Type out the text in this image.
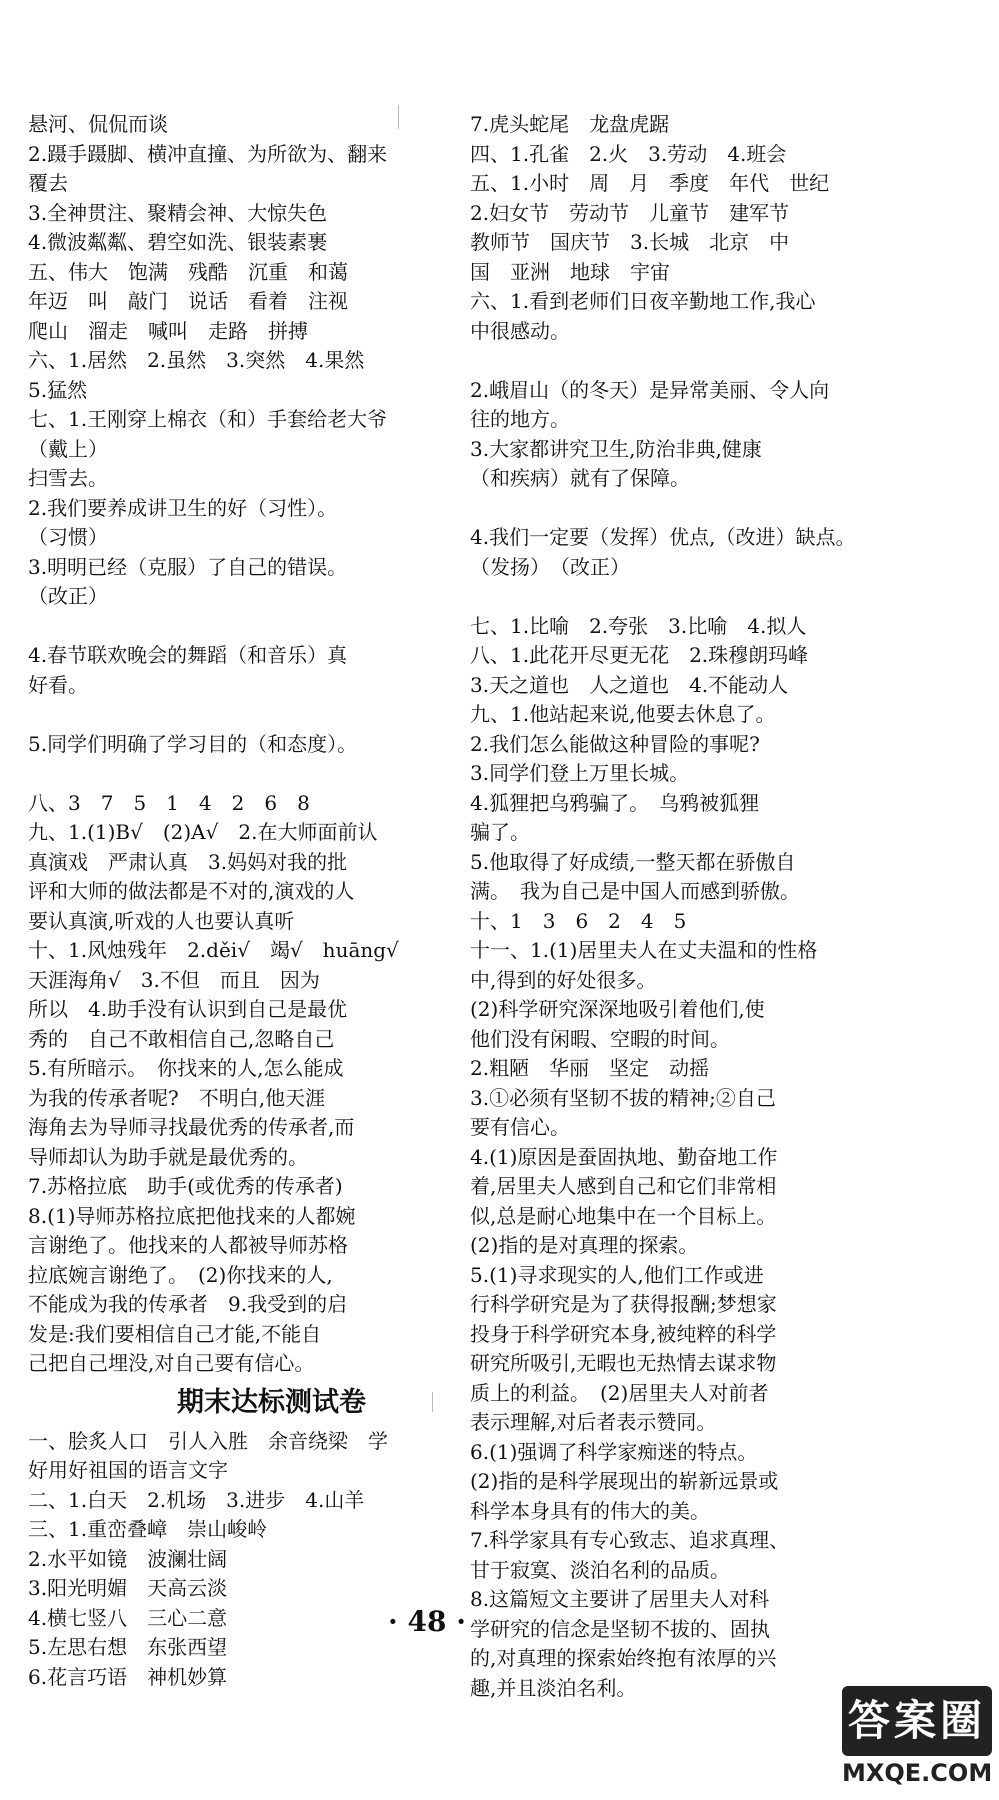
悬河、侃侃而谈
2.蹑手蹑脚、横冲直撞、为所欲为、翻来
覆去
3.全神贯注、聚精会神、大惊失色
4.微波粼粼、碧空如洗、银装素裹
五、伟大　饱满　残酷　沉重　和蔼
年迈　叫　敲门　说话　看着　注视
爬山　溜走　喊叫　走路　拼搏
六、1.居然　2.虽然　3.突然　4.果然
5.猛然
七、1.王刚穿上棉衣（和）手套给老大爷
（戴上）
扫雪去。
2.我们要养成讲卫生的好（习性）。
（习惯）
3.明明已经（克服）了自己的错误。
（改正）
4.春节联欢晚会的舞蹈（和音乐）真
好看。
5.同学们明确了学习目的（和态度）。
八、3　7　5　1　4　2　6　8
九、1.(1)B√　(2)A√　2.在大师面前认
真演戏　严肃认真　3.妈妈对我的批
评和大师的做法都是不对的,演戏的人
要认真演,听戏的人也要认真听
十、1.风烛残年　2.děi√　竭√　huāng√
天涯海角√　3.不但　而且　因为
所以　4.助手没有认识到自己是最优
秀的　自己不敢相信自己,忽略自己
5.有所暗示。　你找来的人,怎么能成
为我的传承者呢?　不明白,他天涯
海角去为导师寻找最优秀的传承者,而
导师却认为助手就是最优秀的。
7.苏格拉底　助手(或优秀的传承者)
8.(1)导师苏格拉底把他找来的人都婉
言谢绝了。他找来的人都被导师苏格
拉底婉言谢绝了。　(2)你找来的人,
不能成为我的传承者　9.我受到的启
发是:我们要相信自己才能,不能自
己把自己埋没,对自己要有信心。
期末达标测试卷
一、脍炙人口　引人入胜　余音绕梁　学
好用好祖国的语言文字
二、1.白天　2.机场　3.进步　4.山羊
三、1.重峦叠嶂　崇山峻岭
2.水平如镜　波澜壮阔
3.阳光明媚　天高云淡
4.横七竖八　三心二意
5.左思右想　东张西望
6.花言巧语　神机妙算
7.虎头蛇尾　龙盘虎踞
四、1.孔雀　2.火　3.劳动　4.班会
五、1.小时　周　月　季度　年代　世纪
2.妇女节　劳动节　儿童节　建军节
教师节　国庆节　3.长城　北京　中
国　亚洲　地球　宇宙
六、1.看到老师们日夜辛勤地工作,我心
中很感动。
2.峨眉山（的冬天）是异常美丽、令人向
往的地方。
3.大家都讲究卫生,防治非典,健康
（和疾病）就有了保障。
4.我们一定要（发挥）优点,（改进）缺点。
（发扬）　（改正）
七、1.比喻　2.夸张　3.比喻　4.拟人
八、1.此花开尽更无花　2.珠穆朗玛峰
3.天之道也　人之道也　4.不能动人
九、1.他站起来说,他要去休息了。
2.我们怎么能做这种冒险的事呢?
3.同学们登上万里长城。
4.狐狸把乌鸦骗了。　乌鸦被狐狸
骗了。
5.他取得了好成绩,一整天都在骄傲自
满。　我为自己是中国人而感到骄傲。
十、1　3　6　2　4　5
十一、1.(1)居里夫人在丈夫温和的性格
中,得到的好处很多。
(2)科学研究深深地吸引着他们,使
他们没有闲暇、空暇的时间。
2.粗陋　华丽　坚定　动摇
3.①必须有坚韧不拔的精神;②自己
要有信心。
4.(1)原因是蚕固执地、勤奋地工作
着,居里夫人感到自己和它们非常相
似,总是耐心地集中在一个目标上。
(2)指的是对真理的探索。
5.(1)寻求现实的人,他们工作或进
行科学研究是为了获得报酬;梦想家
投身于科学研究本身,被纯粹的科学
研究所吸引,无暇也无热情去谋求物
质上的利益。　(2)居里夫人对前者
表示理解,对后者表示赞同。
6.(1)强调了科学家痴迷的特点。
(2)指的是科学展现出的崭新远景或
科学本身具有的伟大的美。
7.科学家具有专心致志、追求真理、
甘于寂寞、淡泊名利的品质。
8.这篇短文主要讲了居里夫人对科
学研究的信念是坚韧不拔的、固执
的,对真理的探索始终抱有浓厚的兴
趣,并且淡泊名利。
· 48 ·
答案圈
MXQE.COM
